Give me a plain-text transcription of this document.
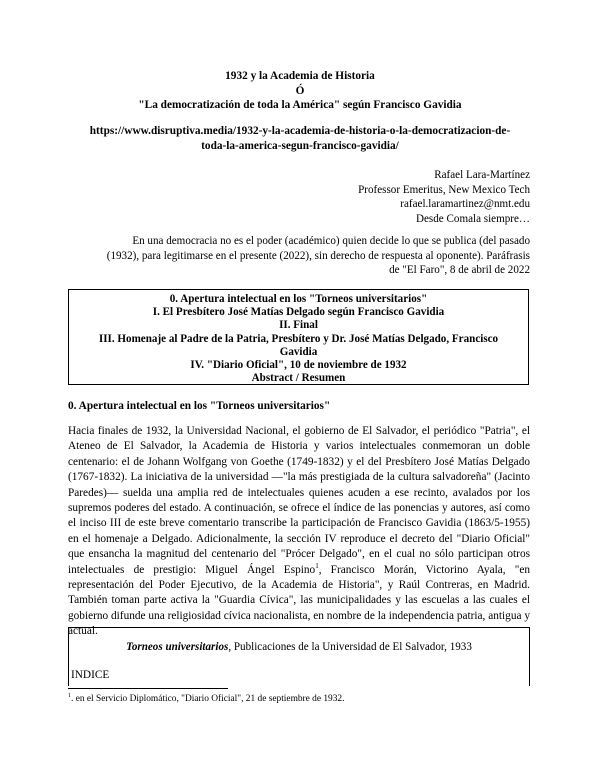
1932 y la Academia de Historia
Ó
"La democratización de toda la América" según Francisco Gavidia
https://www.disruptiva.media/1932-y-la-academia-de-historia-o-la-democratizacion-de-
toda-la-america-segun-francisco-gavidia/
Rafael Lara-Martínez
Professor Emeritus, New Mexico Tech
rafael.laramartinez@nmt.edu
Desde Comala siempre…
En una democracia no es el poder (académico) quien decide lo que se publica (del pasado
(1932), para legitimarse en el presente (2022), sin derecho de respuesta al oponente). Paráfrasis
de "El Faro", 8 de abril de 2022
0. Apertura intelectual en los "Torneos universitarios"
I. El Presbítero José Matías Delgado según Francisco Gavidia
II. Final
III. Homenaje al Padre de la Patria, Presbítero y Dr. José Matías Delgado, Francisco
Gavidia
IV. "Diario Oficial", 10 de noviembre de 1932
Abstract / Resumen
0. Apertura intelectual en los "Torneos universitarios"
Hacia finales de 1932, la Universidad Nacional, el gobierno de El Salvador, el periódico "Patria", el Ateneo de El Salvador, la Academia de Historia y varios intelectuales conmemoran un doble centenario: el de Johann Wolfgang von Goethe (1749-1832) y el del Presbítero José Matías Delgado (1767-1832). La iniciativa de la universidad —"la más prestigiada de la cultura salvadoreña" (Jacinto Paredes)— suelda una amplia red de intelectuales quienes acuden a ese recinto, avalados por los supremos poderes del estado. A continuación, se ofrece el índice de las ponencias y autores, así como el inciso III de este breve comentario transcribe la participación de Francisco Gavidia (1863/5-1955) en el homenaje a Delgado. Adicionalmente, la sección IV reproduce el decreto del "Diario Oficial" que ensancha la magnitud del centenario del "Prócer Delgado", en el cual no sólo participan otros intelectuales de prestigio: Miguel Ángel Espino$^1$, Francisco Morán, Victorino Ayala, "en representación del Poder Ejecutivo, de la Academia de Historia", y Raúl Contreras, en Madrid. También toman parte activa la "Guardia Cívica", las municipalidades y las escuelas a las cuales el gobierno difunde una religiosidad cívica nacionalista, en nombre de la independencia patria, antigua y actual.
Torneos universitarios, Publicaciones de la Universidad de El Salvador, 1933
INDICE
$^1$. en el Servicio Diplomático, "Diario Oficial", 21 de septiembre de 1932.
